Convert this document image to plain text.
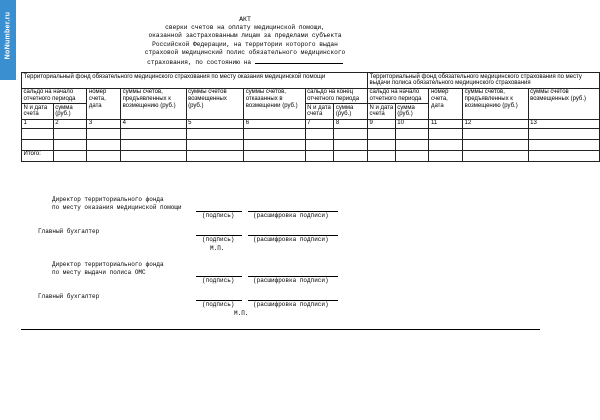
NoNumber.ru	АКТ
сверки счетов на оплату медицинской помощи,
оказанной застрахованным лицам за пределами субъекта
Российской Федерации, на территории которого выдан
страховой медицинский полис обязательного медицинского
страхования, по состоянию на
Территориальный фонд обязательного медицинского страхования по месту оказания медицинской помощи								Территориальный фонд обязательного медицинского страхования по месту выдачи полиса обязательного медицинского страхования				
сальдо на начало отчетного периода		номер счета, дата	суммы счетов, предъявленных к возмещению (руб.)	суммы счетов возмещенных (руб.)	суммы счетов, отказанных в возмещении (руб.)	сальдо на конец отчетного периода		сальдо на начало отчетного периода		номер счета, дата	суммы счетов, предъявленных к возмещению (руб.)	суммы счетов возмещенных (руб.)
N и дата счета	сумма (руб.)					N и дата счета	сумма (руб.)	N и дата счета	сумма (руб.)			
1	2	3	4	5	6	7	8	9	10	11	12	13

Итого:												
Директор территориального фонда
по месту оказания медицинской помощи
(подпись)	(расшифровка подписи)
Главный бухгалтер
(подпись)	(расшифровка подписи)
М.П.
Директор территориального фонда
по месту выдачи полиса ОМС
(подпись)	(расшифровка подписи)
Главный бухгалтер
(подпись)	(расшифровка подписи)
М.П.
